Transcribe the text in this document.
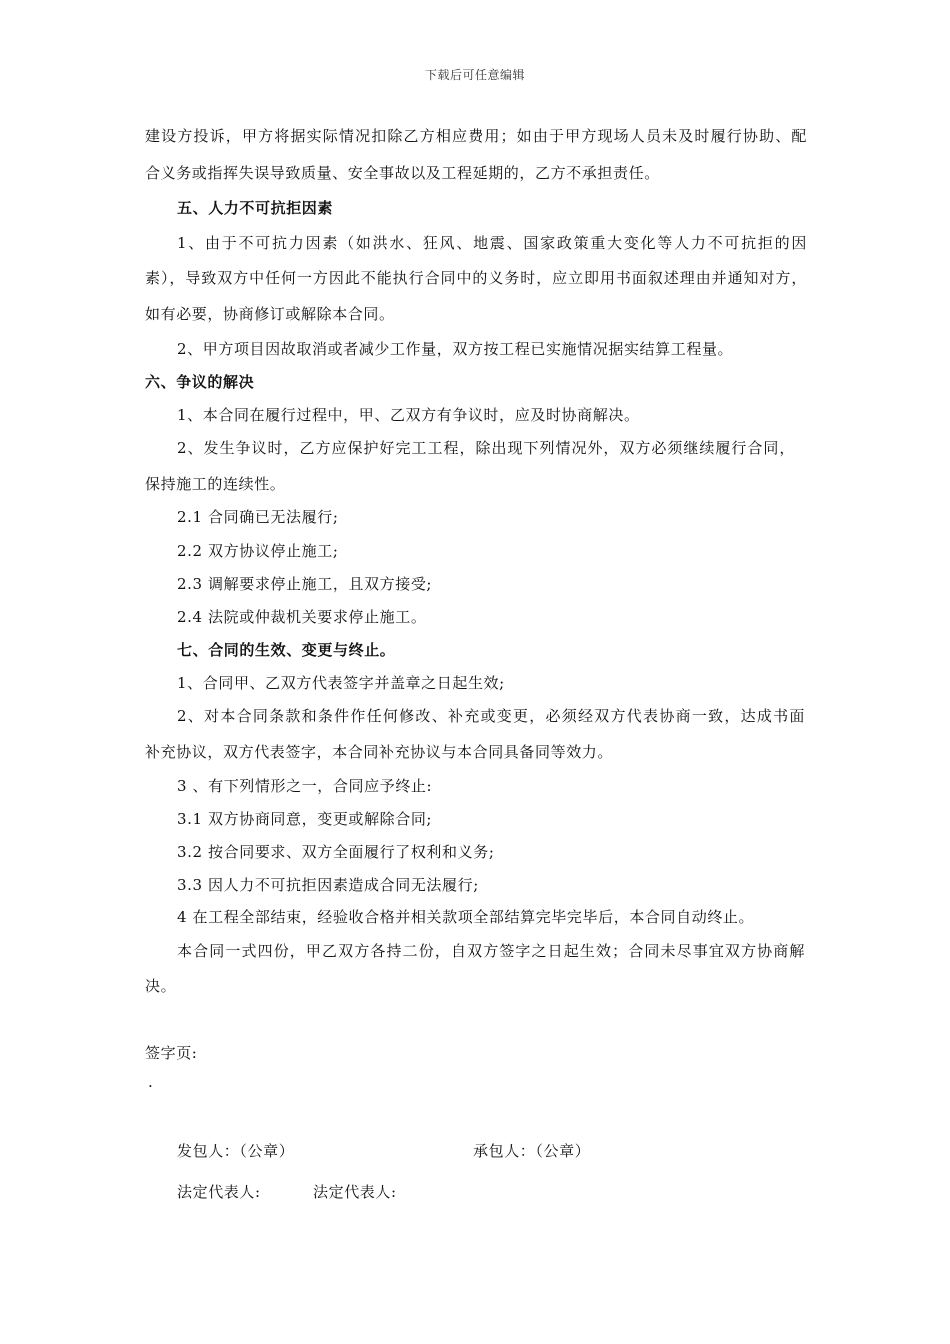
下载后可任意编辑
建设方投诉，甲方将据实际情况扣除乙方相应费用；如由于甲方现场人员未及时履行协助、配
合义务或指挥失误导致质量、安全事故以及工程延期的，乙方不承担责任。
五、人力不可抗拒因素
1、由于不可抗力因素（如洪水、狂风、地震、国家政策重大变化等人力不可抗拒的因
素），导致双方中任何一方因此不能执行合同中的义务时，应立即用书面叙述理由并通知对方，
如有必要，协商修订或解除本合同。
2、甲方项目因故取消或者减少工作量，双方按工程已实施情况据实结算工程量。
六、争议的解决
1、本合同在履行过程中，甲、乙双方有争议时，应及时协商解决。
2、发生争议时，乙方应保护好完工工程，除出现下列情况外，双方必须继续履行合同，
保持施工的连续性。
2.1 合同确已无法履行;
2.2 双方协议停止施工;
2.3 调解要求停止施工，且双方接受;
2.4 法院或仲裁机关要求停止施工。
七、合同的生效、变更与终止。
1、合同甲、乙双方代表签字并盖章之日起生效;
2、对本合同条款和条件作任何修改、补充或变更，必须经双方代表协商一致，达成书面
补充协议，双方代表签字，本合同补充协议与本合同具备同等效力。
3 、有下列情形之一，合同应予终止:
3.1 双方协商同意，变更或解除合同;
3.2 按合同要求、双方全面履行了权利和义务;
3.3 因人力不可抗拒因素造成合同无法履行;
4 在工程全部结束，经验收合格并相关款项全部结算完毕完毕后，本合同自动终止。
本合同一式四份，甲乙双方各持二份，自双方签字之日起生效；合同未尽事宜双方协商解
决。
签字页:
.
发包人：（公章）	承包人：（公章）
法定代表人:	法定代表人:
